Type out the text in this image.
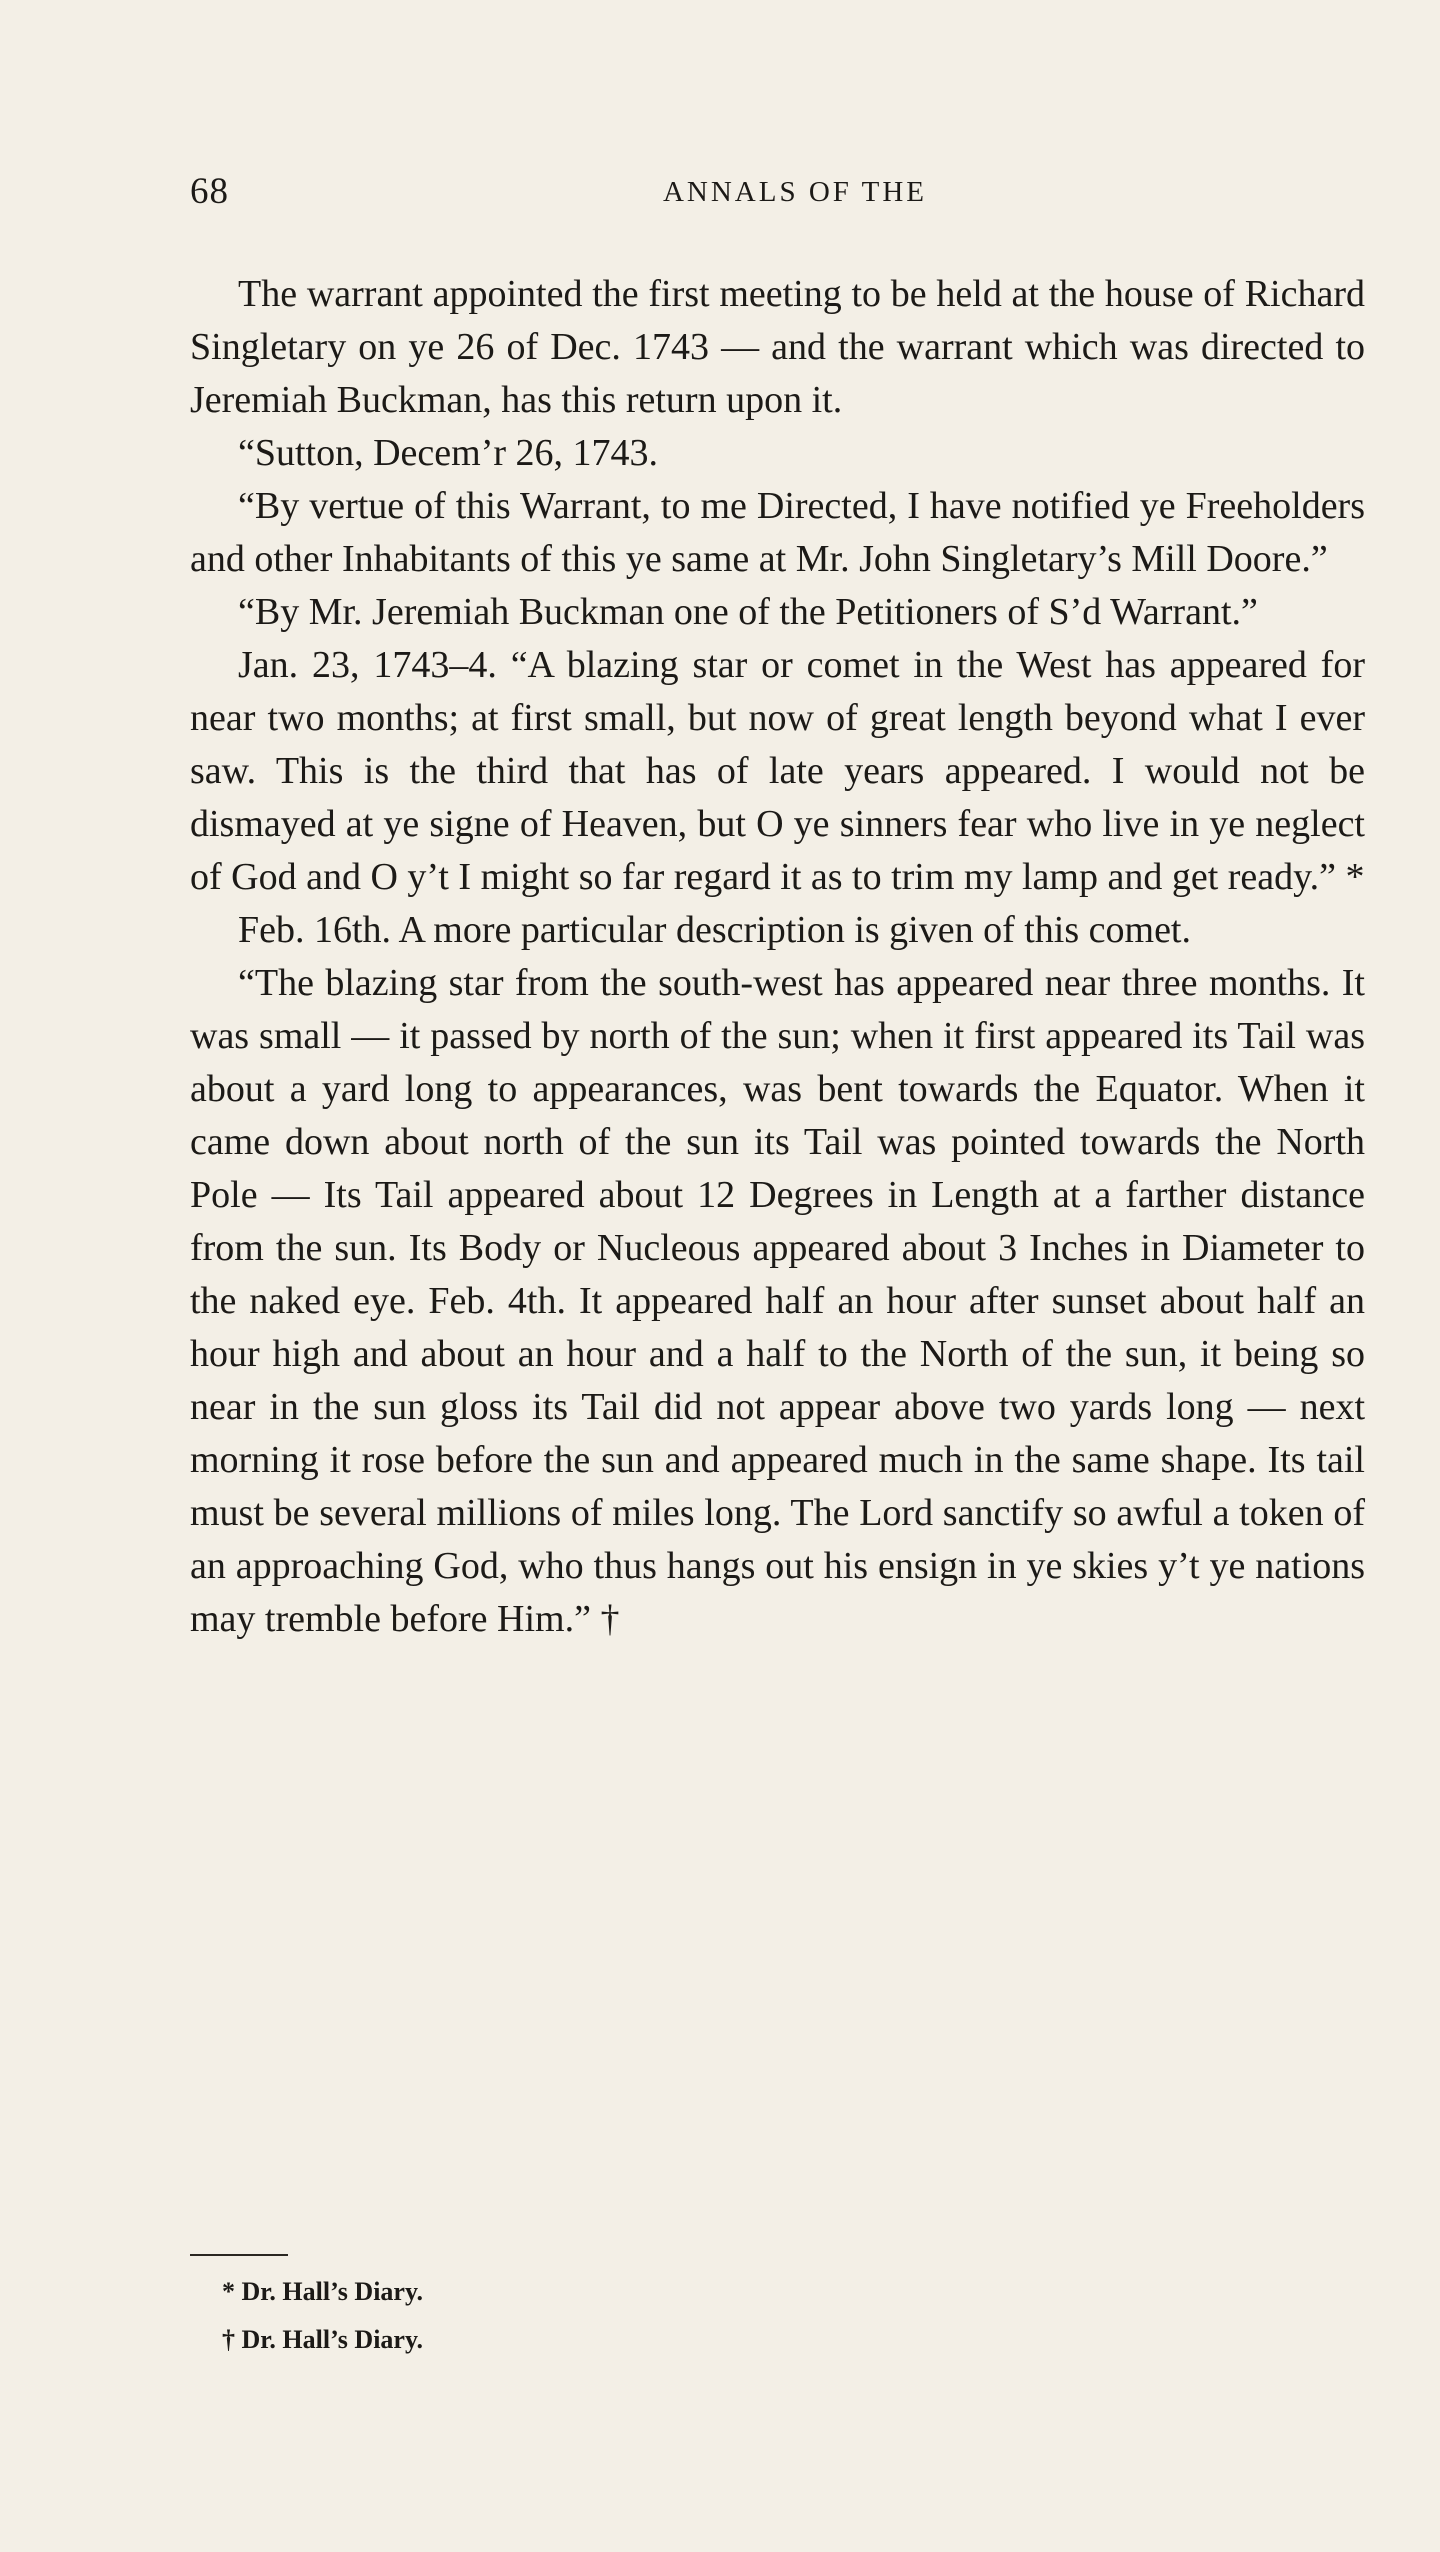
68	ANNALS OF THE

The warrant appointed the first meeting to be held at the house of Richard Singletary on ye 26 of Dec. 1743 — and the warrant which was directed to Jeremiah Buckman, has this return upon it.

“Sutton, Decem’r 26, 1743.

“By vertue of this Warrant, to me Directed, I have notified ye Freeholders and other Inhabitants of this ye same at Mr. John Singletary’s Mill Doore.”

“By Mr. Jeremiah Buckman one of the Petitioners of S’d Warrant.”

Jan. 23, 1743–4. “A blazing star or comet in the West has appeared for near two months; at first small, but now of great length beyond what I ever saw. This is the third that has of late years appeared. I would not be dismayed at ye signe of Heaven, but O ye sinners fear who live in ye neglect of God and O y’t I might so far regard it as to trim my lamp and get ready.” *

Feb. 16th. A more particular description is given of this comet.

“The blazing star from the south-west has appeared near three months. It was small — it passed by north of the sun; when it first appeared its Tail was about a yard long to appearances, was bent towards the Equator. When it came down about north of the sun its Tail was pointed towards the North Pole — Its Tail appeared about 12 Degrees in Length at a farther distance from the sun. Its Body or Nucleous appeared about 3 Inches in Diameter to the naked eye. Feb. 4th. It appeared half an hour after sunset about half an hour high and about an hour and a half to the North of the sun, it being so near in the sun gloss its Tail did not appear above two yards long — next morning it rose before the sun and appeared much in the same shape. Its tail must be several millions of miles long. The Lord sanctify so awful a token of an approaching God, who thus hangs out his ensign in ye skies y’t ye nations may tremble before Him.” †

* Dr. Hall’s Diary.
† Dr. Hall’s Diary.
